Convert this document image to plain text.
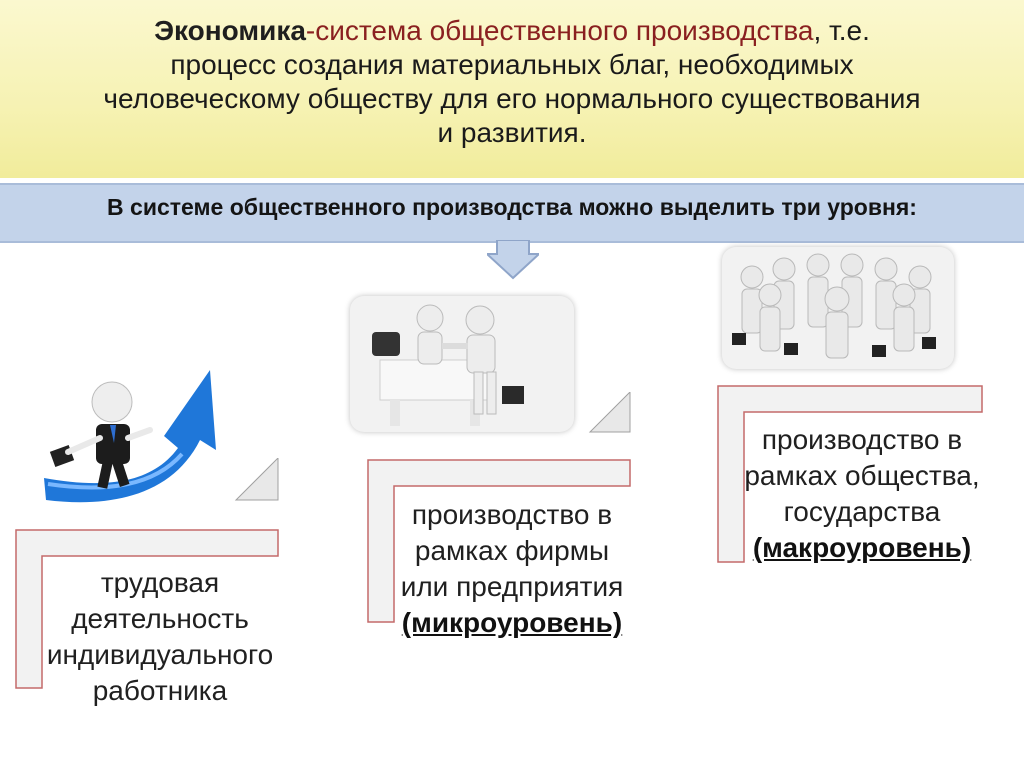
Экономика-система общественного производства, т.е.
процесс создания материальных благ, необходимых
человеческому обществу для его нормального существования
и развития.
В системе общественного производства можно выделить три уровня:
трудовая
деятельность
индивидуального
работника
производство в
рамках фирмы
или предприятия
(микроуровень)
производство в
рамках общества,
государства
(макроуровень)
